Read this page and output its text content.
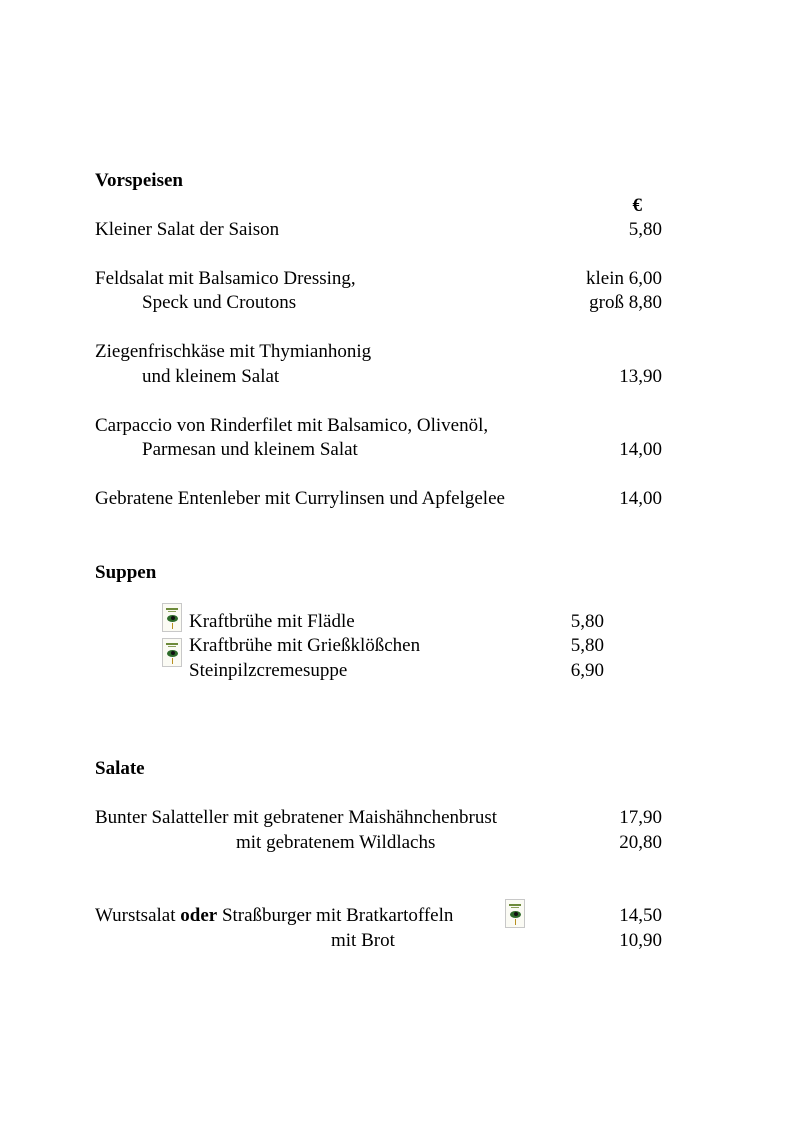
Vorspeisen
€
Kleiner Salat der Saison	5,80
Feldsalat mit Balsamico Dressing,	klein 6,00
Speck und Croutons	groß 8,80
Ziegenfrischkäse mit Thymianhonig
und kleinem Salat	13,90
Carpaccio von Rinderfilet mit Balsamico, Olivenöl,
Parmesan und kleinem Salat	14,00
Gebratene Entenleber mit Currylinsen und Apfelgelee	14,00
Suppen
Kraftbrühe mit Flädle	5,80
Kraftbrühe mit Grießklößchen	5,80
Steinpilzcremesuppe	6,90
Salate
Bunter Salatteller mit gebratener Maishähnchenbrust	17,90
mit gebratenem Wildlachs	20,80
Wurstsalat oder Straßburger mit Bratkartoffeln	14,50
mit Brot	10,90
